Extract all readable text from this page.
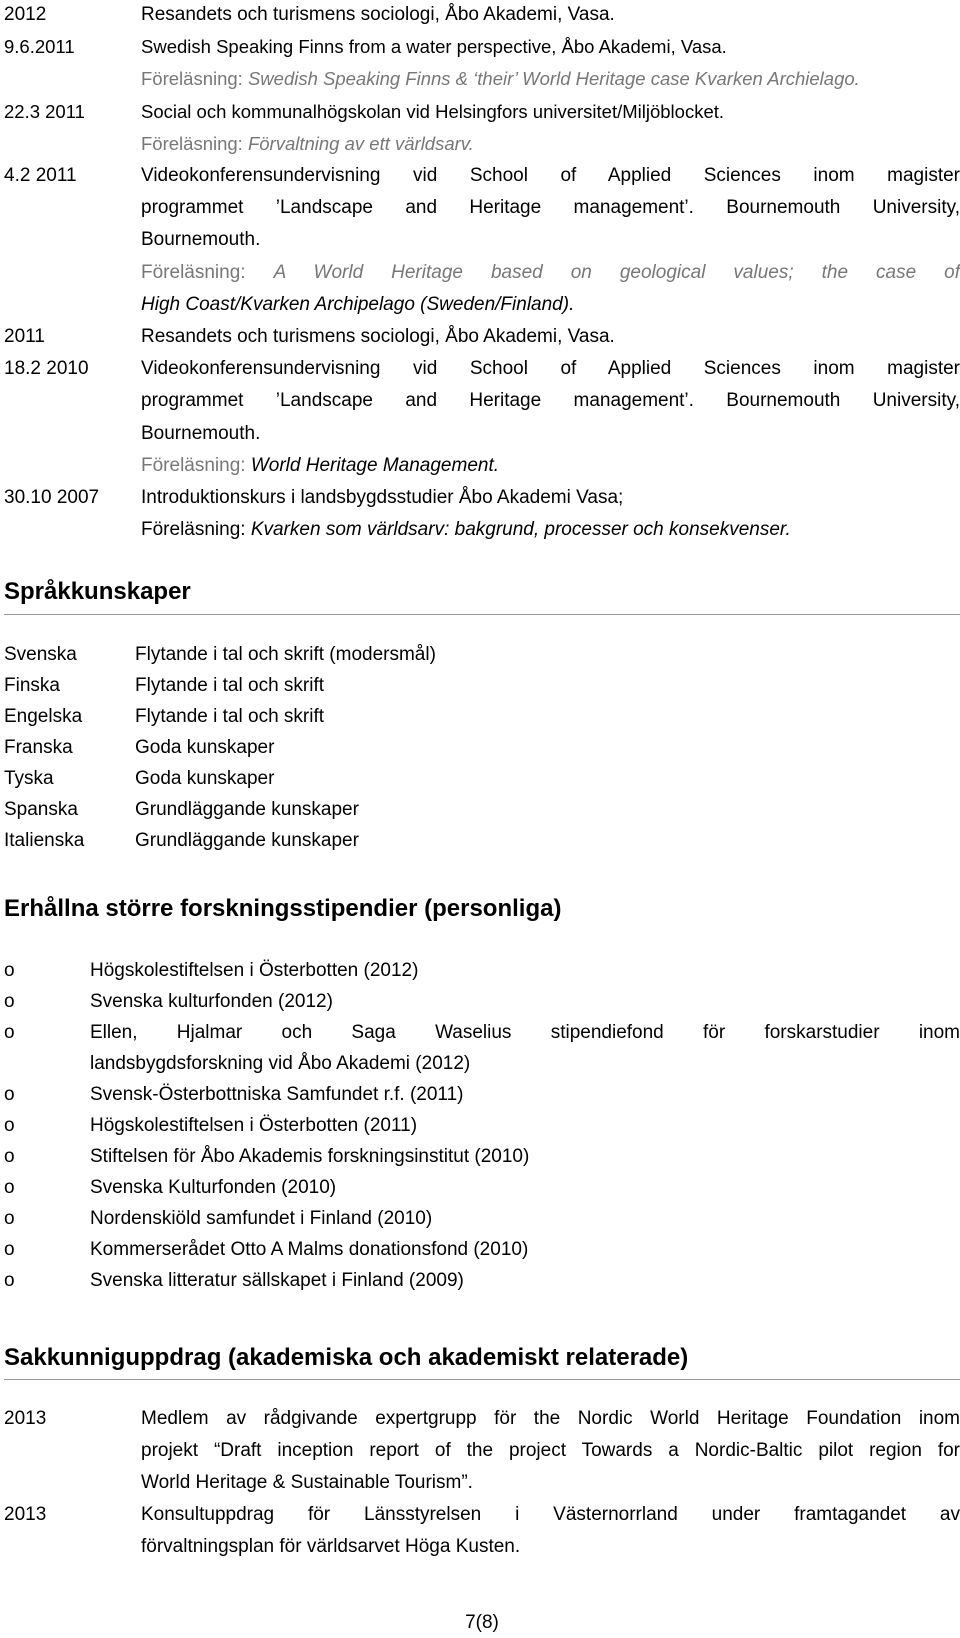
2012	Resandets och turismens sociologi, Åbo Akademi, Vasa.
9.6.2011	Swedish Speaking Finns from a water perspective, Åbo Akademi, Vasa.
Föreläsning: Swedish Speaking Finns & ‘their’ World Heritage case Kvarken Archielago.
22.3 2011	Social och kommunalhögskolan vid Helsingfors universitet/Miljöblocket.
Föreläsning: Förvaltning av ett världsarv.
4.2 2011	Videokonferensundervisning vid School of Applied Sciences inom magister
programmet ’Landscape and Heritage management’. Bournemouth University,
Bournemouth.
Föreläsning: A World Heritage based on geological values; the case of
High Coast/Kvarken Archipelago (Sweden/Finland).
2011	Resandets och turismens sociologi, Åbo Akademi, Vasa.
18.2 2010	Videokonferensundervisning vid School of Applied Sciences inom magister
programmet ’Landscape and Heritage management’. Bournemouth University,
Bournemouth.
Föreläsning: World Heritage Management.
30.10 2007	Introduktionskurs i landsbygdsstudier Åbo Akademi Vasa;
Föreläsning: Kvarken som världsarv: bakgrund, processer och konsekvenser.
Språkkunskaper
Svenska	Flytande i tal och skrift (modersmål)
Finska	Flytande i tal och skrift
Engelska	Flytande i tal och skrift
Franska	Goda kunskaper
Tyska	Goda kunskaper
Spanska	Grundläggande kunskaper
Italienska	Grundläggande kunskaper
Erhållna större forskningsstipendier (personliga)
o	Högskolestiftelsen i Österbotten (2012)
o	Svenska kulturfonden (2012)
o	Ellen, Hjalmar och Saga Waselius stipendiefond för forskarstudier inom
landsbygdsforskning vid Åbo Akademi (2012)
o	Svensk-Österbottniska Samfundet r.f. (2011)
o	Högskolestiftelsen i Österbotten (2011)
o	Stiftelsen för Åbo Akademis forskningsinstitut (2010)
o	Svenska Kulturfonden (2010)
o	Nordenskiöld samfundet i Finland (2010)
o	Kommerserådet Otto A Malms donationsfond (2010)
o	Svenska litteratur sällskapet i Finland (2009)
Sakkunniguppdrag (akademiska och akademiskt relaterade)
2013	Medlem av rådgivande expertgrupp för the Nordic World Heritage Foundation inom
projekt “Draft inception report of the project Towards a Nordic-Baltic pilot region for
World Heritage & Sustainable Tourism”.
2013	Konsultuppdrag för Länsstyrelsen i Västernorrland under framtagandet av
förvaltningsplan för världsarvet Höga Kusten.
7(8)
